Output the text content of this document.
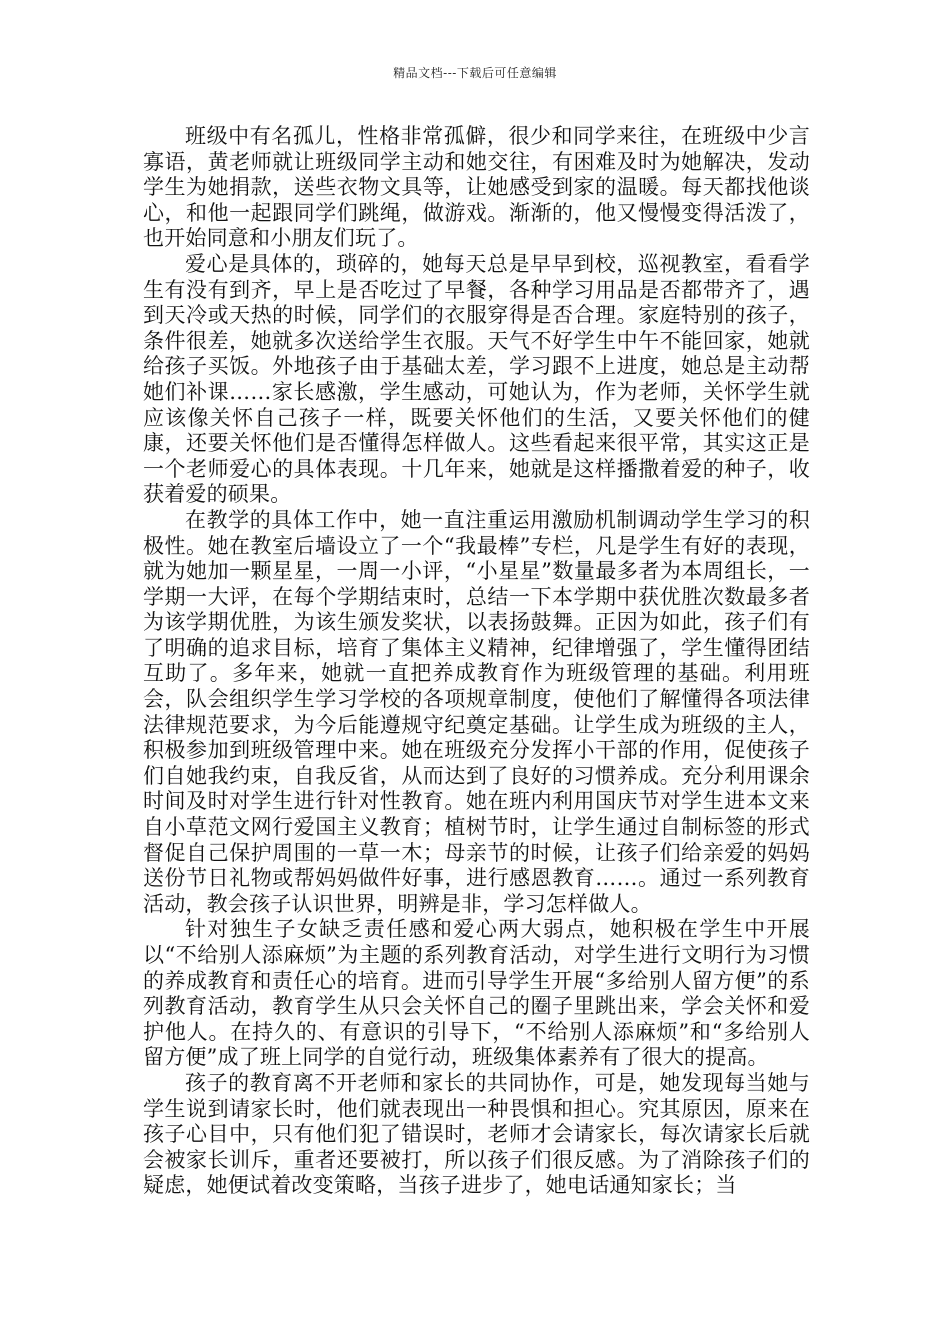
精品文档---下载后可任意编辑

班级中有名孤儿，性格非常孤僻，很少和同学来往，在班级中少言寡语，黄老师就让班级同学主动和她交往，有困难及时为她解决，发动学生为她捐款，送些衣物文具等，让她感受到家的温暖。每天都找他谈心，和他一起跟同学们跳绳，做游戏。渐渐的，他又慢慢变得活泼了，也开始同意和小朋友们玩了。

爱心是具体的，琐碎的，她每天总是早早到校，巡视教室，看看学生有没有到齐，早上是否吃过了早餐，各种学习用品是否都带齐了，遇到天冷或天热的时候，同学们的衣服穿得是否合理。家庭特别的孩子，条件很差，她就多次送给学生衣服。天气不好学生中午不能回家，她就给孩子买饭。外地孩子由于基础太差，学习跟不上进度，她总是主动帮她们补课……家长感激，学生感动，可她认为，作为老师，关怀学生就应该像关怀自己孩子一样，既要关怀他们的生活，又要关怀他们的健康，还要关怀他们是否懂得怎样做人。这些看起来很平常，其实这正是一个老师爱心的具体表现。十几年来，她就是这样播撒着爱的种子，收获着爱的硕果。

在教学的具体工作中，她一直注重运用激励机制调动学生学习的积极性。她在教室后墙设立了一个“我最棒”专栏，凡是学生有好的表现，就为她加一颗星星，一周一小评，“小星星”数量最多者为本周组长，一学期一大评，在每个学期结束时，总结一下本学期中获优胜次数最多者为该学期优胜，为该生颁发奖状，以表扬鼓舞。正因为如此，孩子们有了明确的追求目标，培育了集体主义精神，纪律增强了，学生懂得团结互助了。多年来，她就一直把养成教育作为班级管理的基础。利用班会，队会组织学生学习学校的各项规章制度，使他们了解懂得各项法律法律规范要求，为今后能遵规守纪奠定基础。让学生成为班级的主人，积极参加到班级管理中来。她在班级充分发挥小干部的作用，促使孩子们自她我约束，自我反省，从而达到了良好的习惯养成。充分利用课余时间及时对学生进行针对性教育。她在班内利用国庆节对学生进本文来自小草范文网行爱国主义教育；植树节时，让学生通过自制标签的形式督促自己保护周围的一草一木；母亲节的时候，让孩子们给亲爱的妈妈送份节日礼物或帮妈妈做件好事，进行感恩教育……。通过一系列教育活动，教会孩子认识世界，明辨是非，学习怎样做人。

针对独生子女缺乏责任感和爱心两大弱点，她积极在学生中开展以“不给别人添麻烦”为主题的系列教育活动，对学生进行文明行为习惯的养成教育和责任心的培育。进而引导学生开展“多给别人留方便”的系列教育活动，教育学生从只会关怀自己的圈子里跳出来，学会关怀和爱护他人。在持久的、有意识的引导下，“不给别人添麻烦”和“多给别人留方便”成了班上同学的自觉行动，班级集体素养有了很大的提高。

孩子的教育离不开老师和家长的共同协作，可是，她发现每当她与学生说到请家长时，他们就表现出一种畏惧和担心。究其原因，原来在孩子心目中，只有他们犯了错误时，老师才会请家长，每次请家长后就会被家长训斥，重者还要被打，所以孩子们很反感。为了消除孩子们的疑虑，她便试着改变策略，当孩子进步了，她电话通知家长；当
